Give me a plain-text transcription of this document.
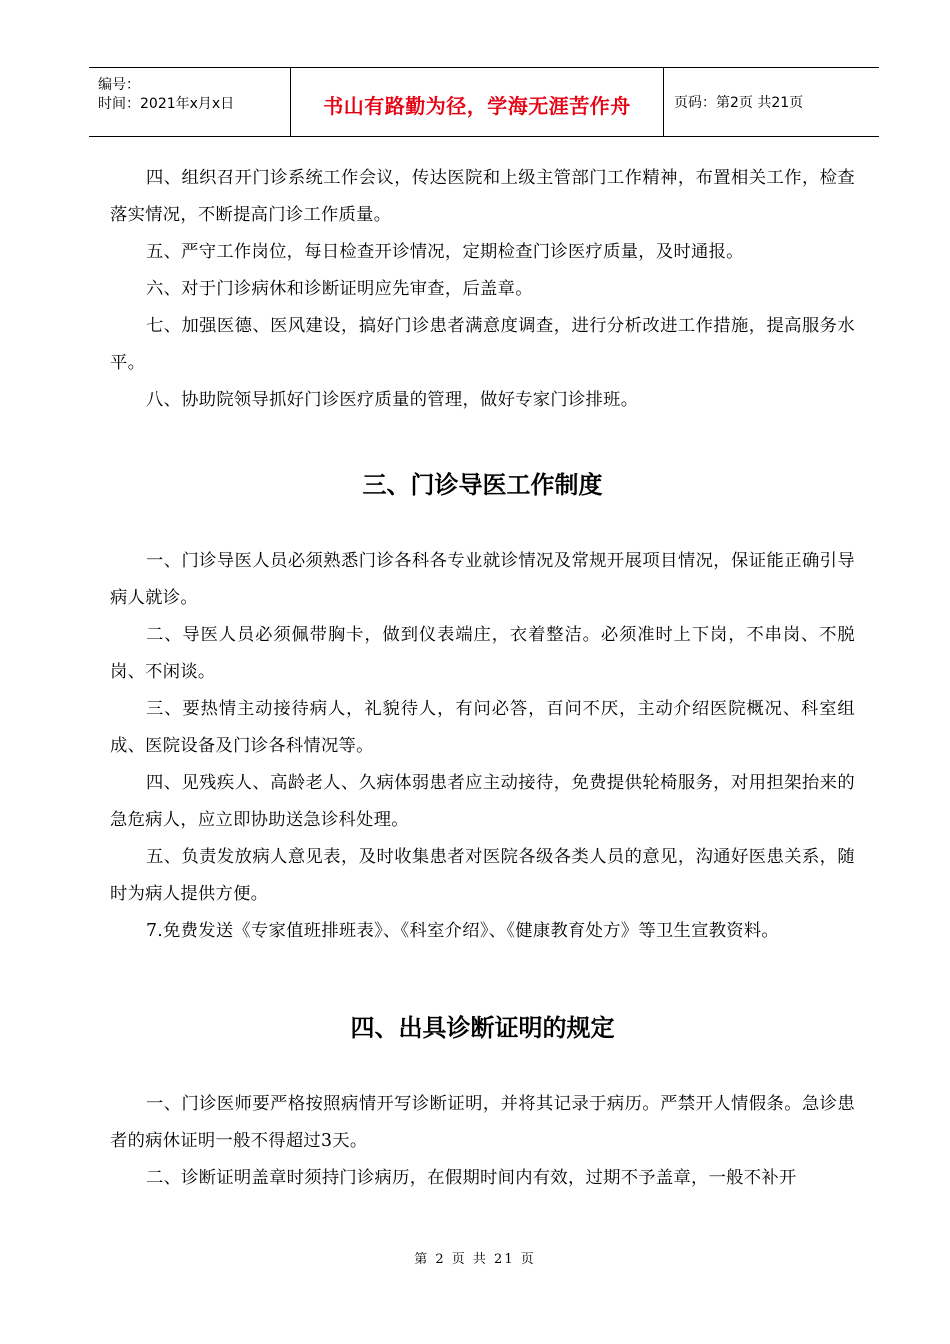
编号：
时间：2021年x月x日	书山有路勤为径，学海无涯苦作舟	页码：第2页 共21页

四、组织召开门诊系统工作会议，传达医院和上级主管部门工作精神，布置相关工作，检查落实情况，不断提高门诊工作质量。

五、严守工作岗位，每日检查开诊情况，定期检查门诊医疗质量，及时通报。

六、对于门诊病休和诊断证明应先审查，后盖章。

七、加强医德、医风建设，搞好门诊患者满意度调查，进行分析改进工作措施，提高服务水平。

八、协助院领导抓好门诊医疗质量的管理，做好专家门诊排班。

三、门诊导医工作制度

一、门诊导医人员必须熟悉门诊各科各专业就诊情况及常规开展项目情况，保证能正确引导病人就诊。

二、导医人员必须佩带胸卡，做到仪表端庄，衣着整洁。必须准时上下岗，不串岗、不脱岗、不闲谈。

三、要热情主动接待病人，礼貌待人，有问必答，百问不厌，主动介绍医院概况、科室组成、医院设备及门诊各科情况等。

四、见残疾人、高龄老人、久病体弱患者应主动接待，免费提供轮椅服务，对用担架抬来的急危病人，应立即协助送急诊科处理。

五、负责发放病人意见表，及时收集患者对医院各级各类人员的意见，沟通好医患关系，随时为病人提供方便。

7.免费发送《专家值班排班表》、《科室介绍》、《健康教育处方》等卫生宣教资料。

四、出具诊断证明的规定

一、门诊医师要严格按照病情开写诊断证明，并将其记录于病历。严禁开人情假条。急诊患者的病休证明一般不得超过3天。

二、诊断证明盖章时须持门诊病历，在假期时间内有效，过期不予盖章，一般不补开

第 2 页 共 21 页
